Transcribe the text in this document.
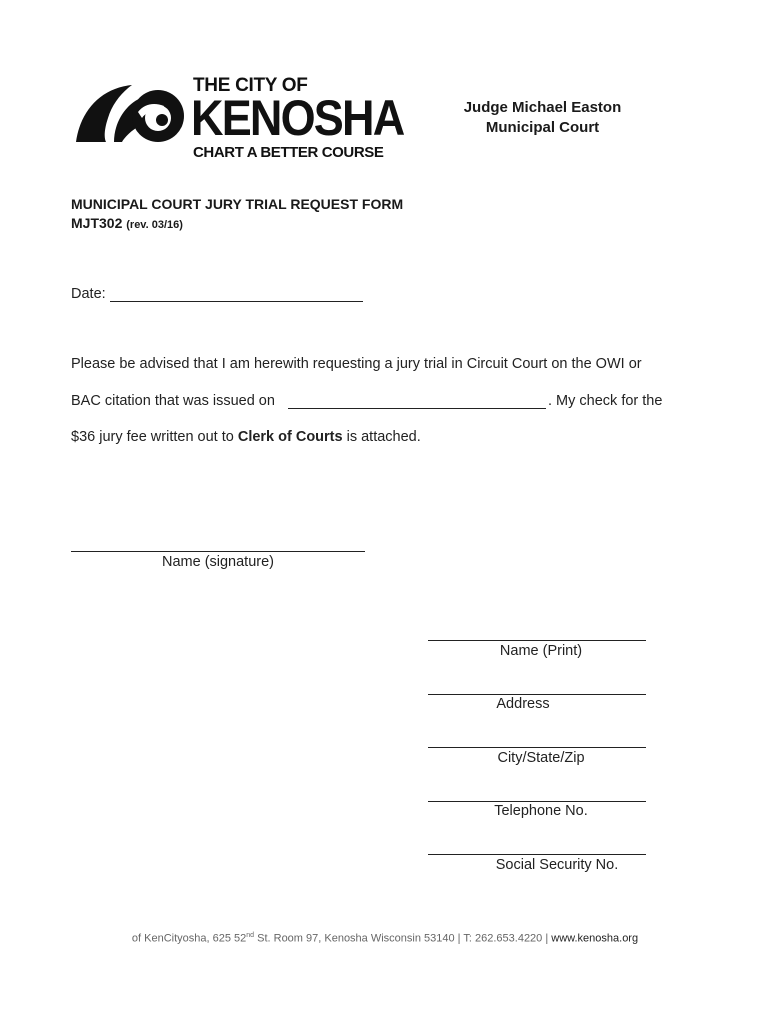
THE CITY OF
KENOSHA
CHART A BETTER COURSE
Judge Michael Easton
Municipal Court
MUNICIPAL COURT JURY TRIAL REQUEST FORM
MJT302 (rev. 03/16)
Date:
Please be advised that I am herewith requesting a jury trial in Circuit Court on the OWI or
BAC citation that was issued on	. My check for the
$36 jury fee written out to Clerk of Courts is attached.
Name (signature)
Name (Print)
Address
City/State/Zip
Telephone No.
Social Security No.
of KenCityosha, 625 52nd St. Room 97, Kenosha Wisconsin 53140 | T: 262.653.4220 | www.kenosha.org
